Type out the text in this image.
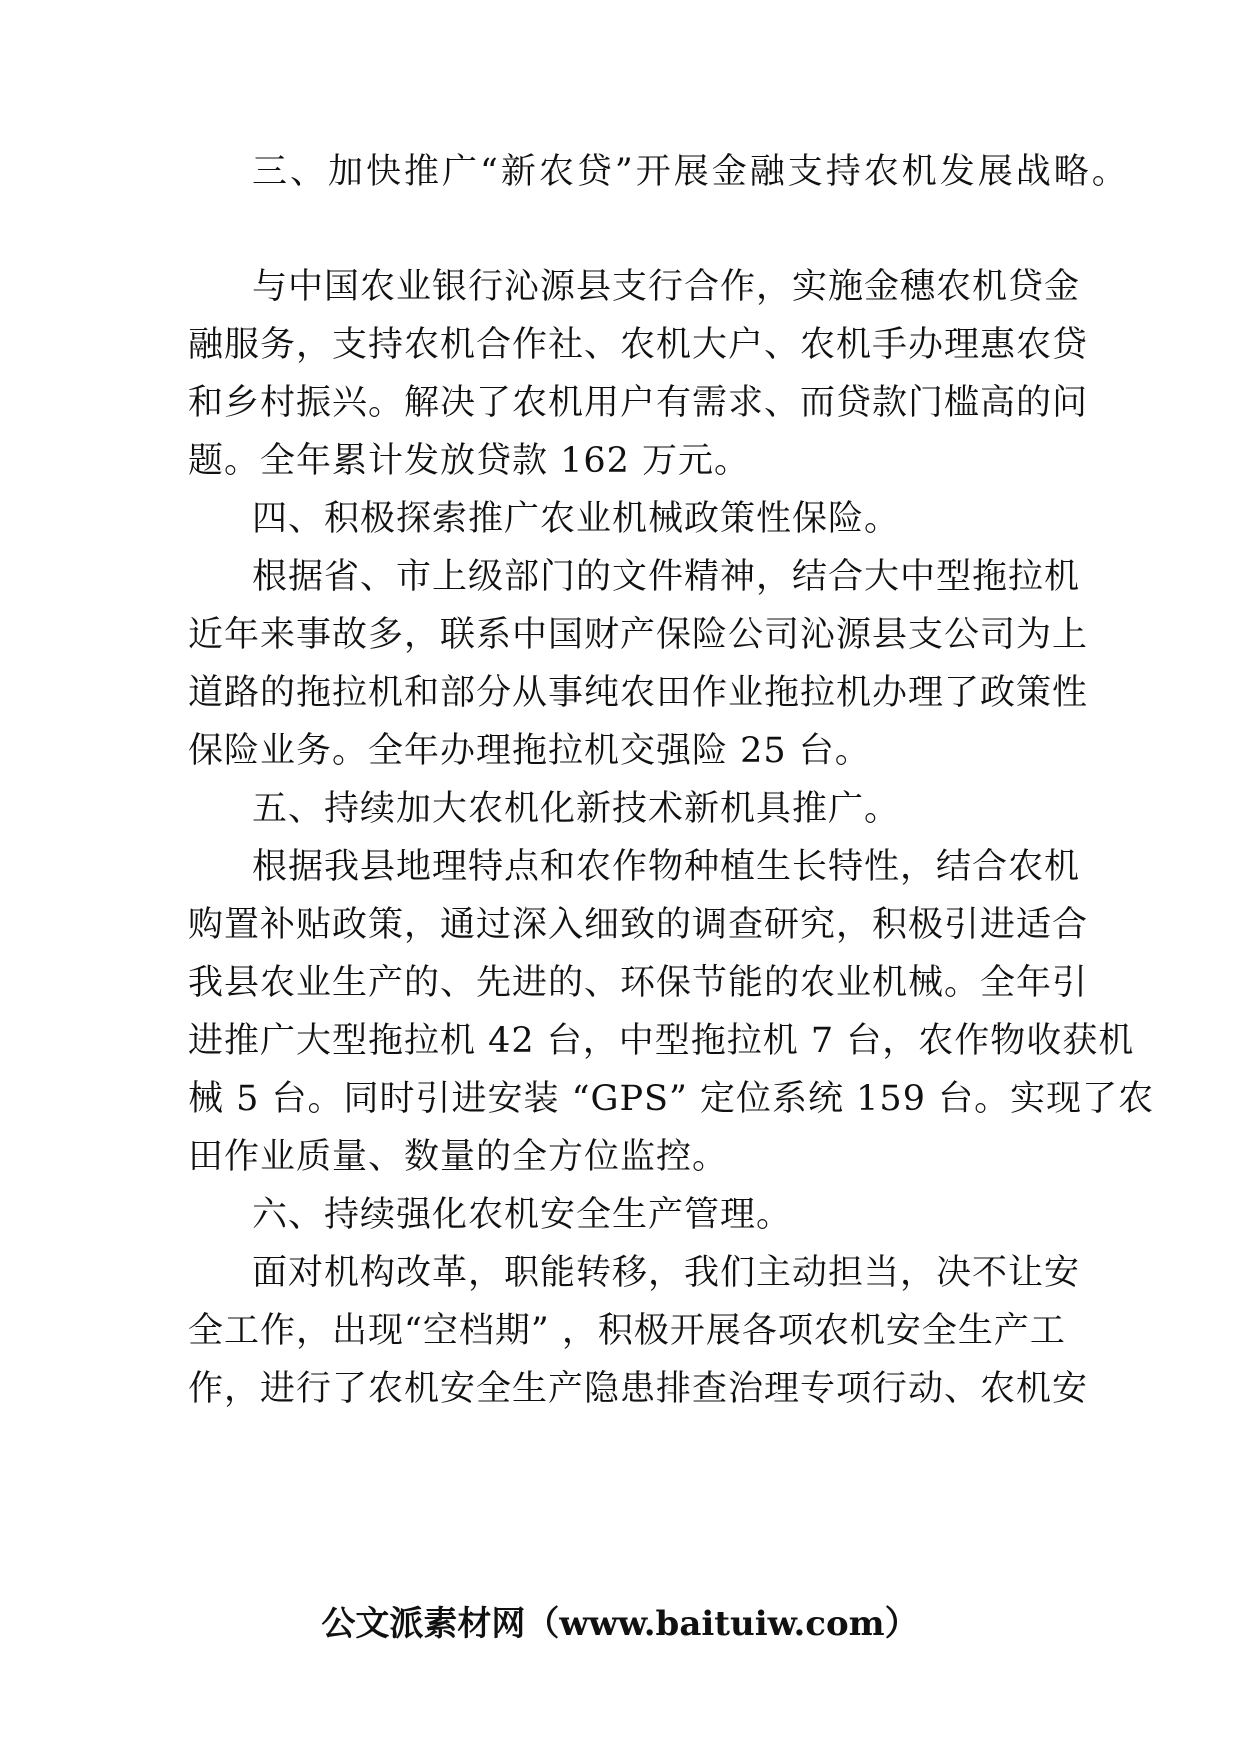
三、加快推广“新农贷”开展金融支持农机发展战略。
与中国农业银行沁源县支行合作，实施金穗农机贷金
融服务，支持农机合作社、农机大户、农机手办理惠农贷
和乡村振兴。解决了农机用户有需求、而贷款门槛高的问
题。全年累计发放贷款 162 万元。
四、积极探索推广农业机械政策性保险。
根据省、市上级部门的文件精神，结合大中型拖拉机
近年来事故多，联系中国财产保险公司沁源县支公司为上
道路的拖拉机和部分从事纯农田作业拖拉机办理了政策性
保险业务。全年办理拖拉机交强险 25 台。
五、持续加大农机化新技术新机具推广。
根据我县地理特点和农作物种植生长特性，结合农机
购置补贴政策，通过深入细致的调查研究，积极引进适合
我县农业生产的、先进的、环保节能的农业机械。全年引
进推广大型拖拉机 42 台，中型拖拉机 7 台，农作物收获机
械 5 台。同时引进安装 “GPS” 定位系统 159 台。实现了农
田作业质量、数量的全方位监控。
六、持续强化农机安全生产管理。
面对机构改革，职能转移，我们主动担当，决不让安
全工作，出现“空档期” ，积极开展各项农机安全生产工
作，进行了农机安全生产隐患排查治理专项行动、农机安
公文派素材网（www.baituiw.com）
